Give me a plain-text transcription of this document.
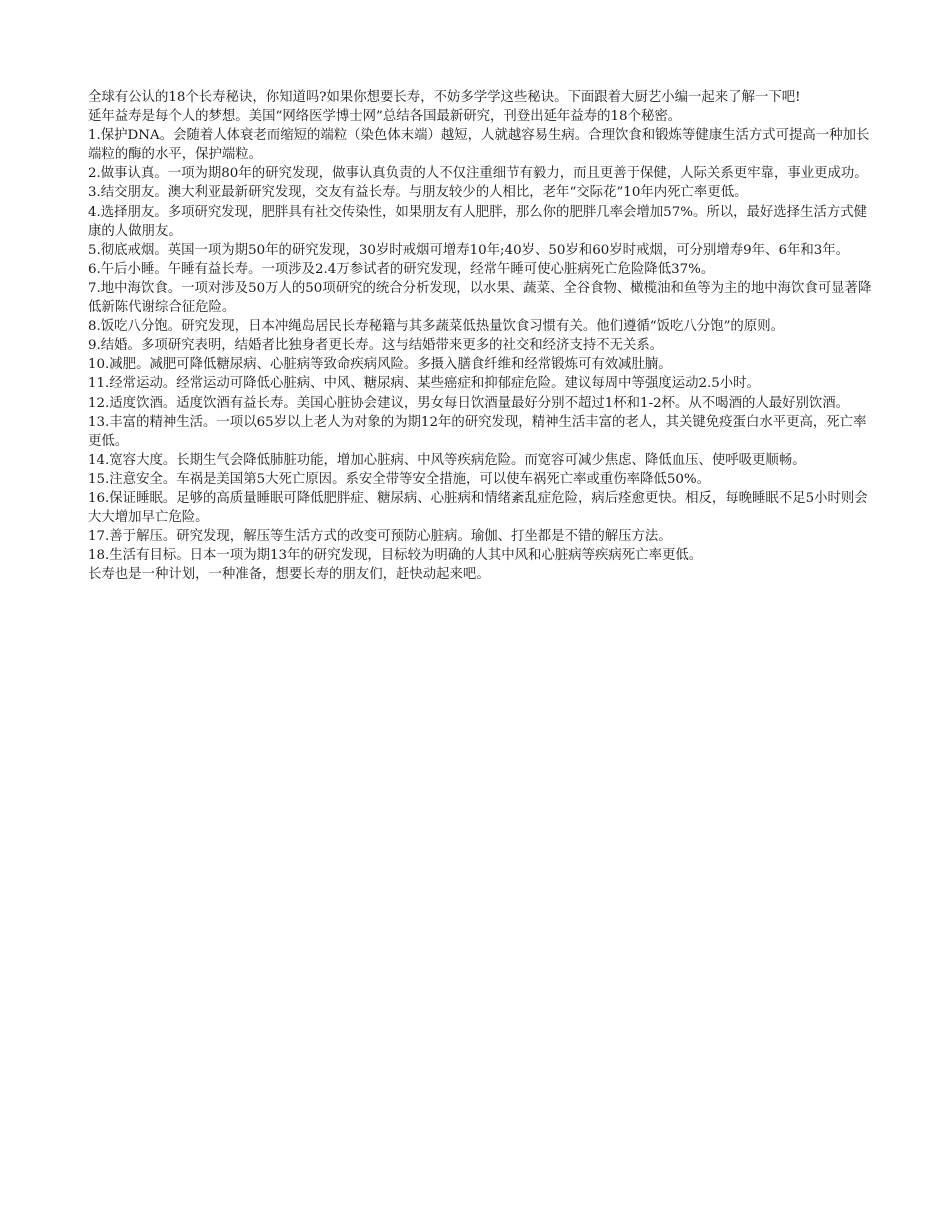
全球有公认的18个长寿秘诀，你知道吗?如果你想要长寿，不妨多学学这些秘诀。下面跟着大厨艺小编一起来了解一下吧!

延年益寿是每个人的梦想。美国“网络医学博士网”总结各国最新研究，刊登出延年益寿的18个秘密。

1.保护DNA。会随着人体衰老而缩短的端粒（染色体末端）越短，人就越容易生病。合理饮食和锻炼等健康生活方式可提高一种加长端粒的酶的水平，保护端粒。

2.做事认真。一项为期80年的研究发现，做事认真负责的人不仅注重细节有毅力，而且更善于保健，人际关系更牢靠，事业更成功。

3.结交朋友。澳大利亚最新研究发现，交友有益长寿。与朋友较少的人相比，老年“交际花”10年内死亡率更低。

4.选择朋友。多项研究发现，肥胖具有社交传染性，如果朋友有人肥胖，那么你的肥胖几率会增加57%。所以，最好选择生活方式健康的人做朋友。

5.彻底戒烟。英国一项为期50年的研究发现，30岁时戒烟可增寿10年;40岁、50岁和60岁时戒烟，可分别增寿9年、6年和3年。

6.午后小睡。午睡有益长寿。一项涉及2.4万参试者的研究发现，经常午睡可使心脏病死亡危险降低37%。

7.地中海饮食。一项对涉及50万人的50项研究的统合分析发现，以水果、蔬菜、全谷食物、橄榄油和鱼等为主的地中海饮食可显著降低新陈代谢综合征危险。

8.饭吃八分饱。研究发现，日本冲绳岛居民长寿秘籍与其多蔬菜低热量饮食习惯有关。他们遵循“饭吃八分饱”的原则。

9.结婚。多项研究表明，结婚者比独身者更长寿。这与结婚带来更多的社交和经济支持不无关系。

10.减肥。减肥可降低糖尿病、心脏病等致命疾病风险。多摄入膳食纤维和经常锻炼可有效减肚腩。

11.经常运动。经常运动可降低心脏病、中风、糖尿病、某些癌症和抑郁症危险。建议每周中等强度运动2.5小时。

12.适度饮酒。适度饮酒有益长寿。美国心脏协会建议，男女每日饮酒量最好分别不超过1杯和1-2杯。从不喝酒的人最好别饮酒。

13.丰富的精神生活。一项以65岁以上老人为对象的为期12年的研究发现，精神生活丰富的老人，其关键免疫蛋白水平更高，死亡率更低。

14.宽容大度。长期生气会降低肺脏功能，增加心脏病、中风等疾病危险。而宽容可减少焦虑、降低血压、使呼吸更顺畅。

15.注意安全。车祸是美国第5大死亡原因。系安全带等安全措施，可以使车祸死亡率或重伤率降低50%。

16.保证睡眠。足够的高质量睡眠可降低肥胖症、糖尿病、心脏病和情绪紊乱症危险，病后痊愈更快。相反，每晚睡眠不足5小时则会大大增加早亡危险。

17.善于解压。研究发现，解压等生活方式的改变可预防心脏病。瑜伽、打坐都是不错的解压方法。

18.生活有目标。日本一项为期13年的研究发现，目标较为明确的人其中风和心脏病等疾病死亡率更低。

长寿也是一种计划，一种准备，想要长寿的朋友们，赶快动起来吧。
